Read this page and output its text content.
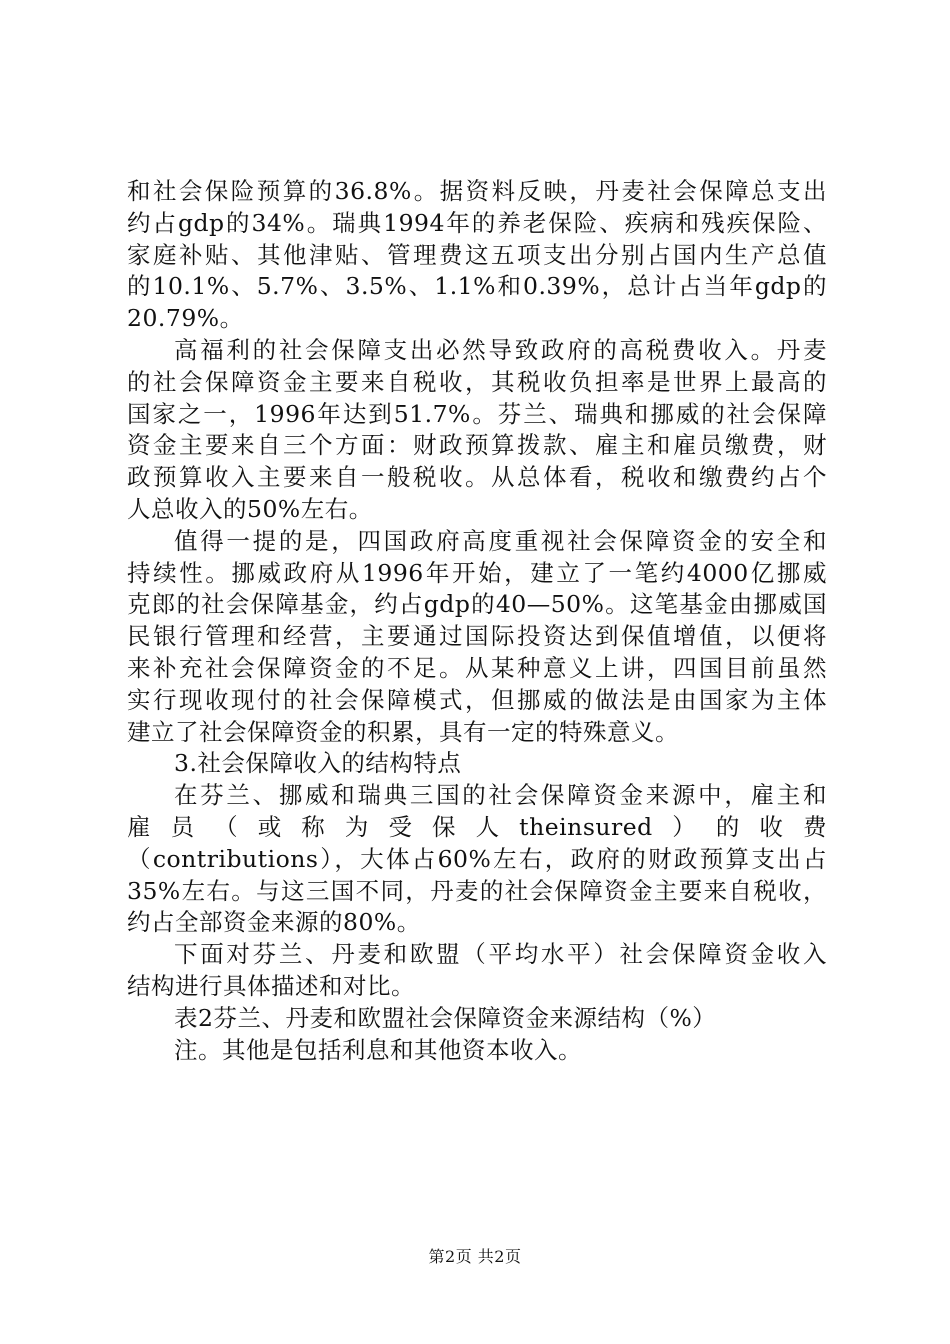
和社会保险预算的36.8%。据资料反映，丹麦社会保障总支出
约占gdp的34%。瑞典1994年的养老保险、疾病和残疾保险、
家庭补贴、其他津贴、管理费这五项支出分别占国内生产总值
的10.1%、5.7%、3.5%、1.1%和0.39%，总计占当年gdp的
20.79%。
高福利的社会保障支出必然导致政府的高税费收入。丹麦
的社会保障资金主要来自税收，其税收负担率是世界上最高的
国家之一，1996年达到51.7%。芬兰、瑞典和挪威的社会保障
资金主要来自三个方面：财政预算拨款、雇主和雇员缴费，财
政预算收入主要来自一般税收。从总体看，税收和缴费约占个
人总收入的50%左右。
值得一提的是，四国政府高度重视社会保障资金的安全和
持续性。挪威政府从1996年开始，建立了一笔约4000亿挪威
克郎的社会保障基金，约占gdp的40—50%。这笔基金由挪威国
民银行管理和经营，主要通过国际投资达到保值增值，以便将
来补充社会保障资金的不足。从某种意义上讲，四国目前虽然
实行现收现付的社会保障模式，但挪威的做法是由国家为主体
建立了社会保障资金的积累，具有一定的特殊意义。
3.社会保障收入的结构特点
在芬兰、挪威和瑞典三国的社会保障资金来源中，雇主和
雇员（或称为受保人theinsured）的收费
（contributions），大体占60%左右，政府的财政预算支出占
35%左右。与这三国不同，丹麦的社会保障资金主要来自税收，
约占全部资金来源的80%。
下面对芬兰、丹麦和欧盟（平均水平）社会保障资金收入
结构进行具体描述和对比。
表2芬兰、丹麦和欧盟社会保障资金来源结构（%）
注。其他是包括利息和其他资本收入。
第2页 共2页
